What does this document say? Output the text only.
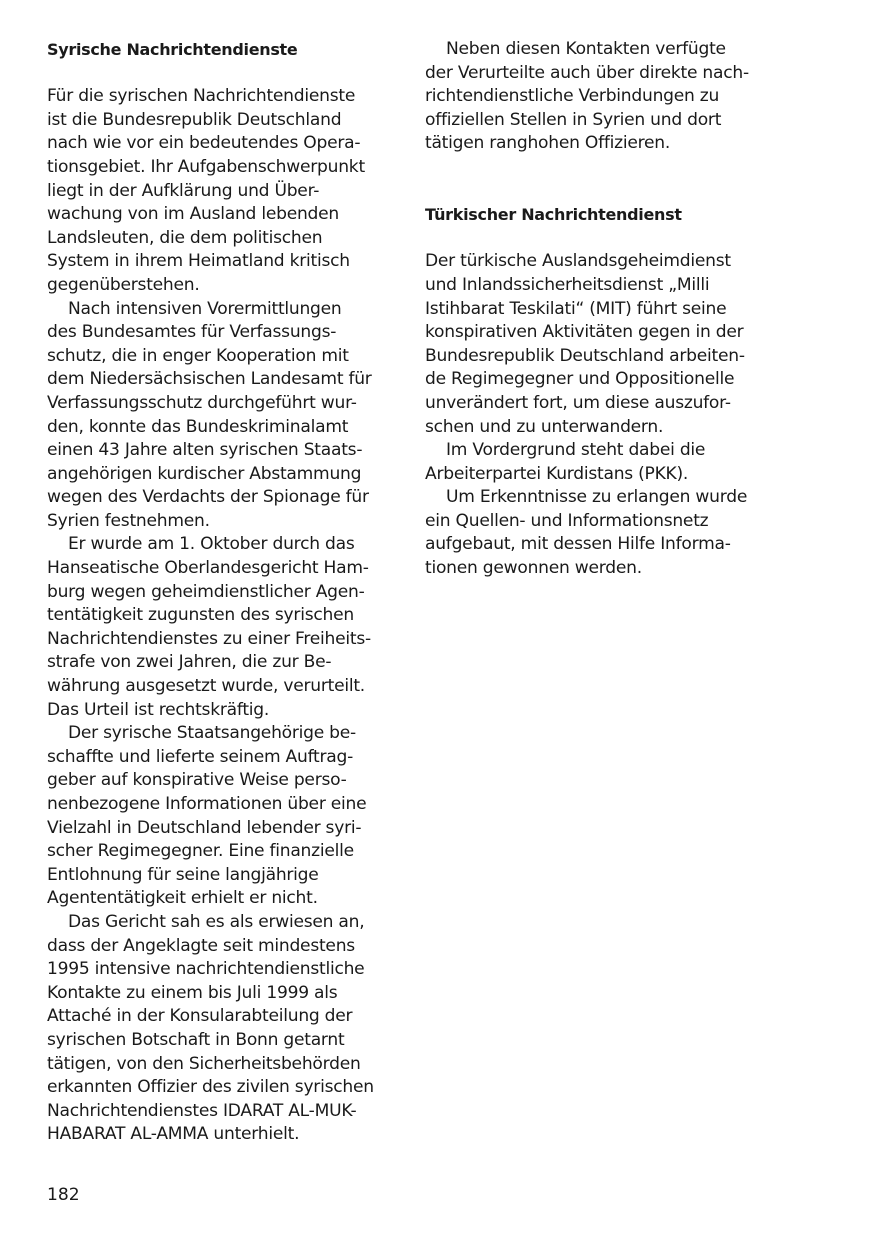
Syrische Nachrichtendienste

Für die syrischen Nachrichtendienste
ist die Bundesrepublik Deutschland
nach wie vor ein bedeutendes Opera-
tionsgebiet. Ihr Aufgabenschwerpunkt
liegt in der Aufklärung und Über-
wachung von im Ausland lebenden
Landsleuten, die dem politischen
System in ihrem Heimatland kritisch
gegenüberstehen.

Nach intensiven Vorermittlungen
des Bundesamtes für Verfassungs-
schutz, die in enger Kooperation mit
dem Niedersächsischen Landesamt für
Verfassungsschutz durchgeführt wur-
den, konnte das Bundeskriminalamt
einen 43 Jahre alten syrischen Staats-
angehörigen kurdischer Abstammung
wegen des Verdachts der Spionage für
Syrien festnehmen.

Er wurde am 1. Oktober durch das
Hanseatische Oberlandesgericht Ham-
burg wegen geheimdienstlicher Agen-
tentätigkeit zugunsten des syrischen
Nachrichtendienstes zu einer Freiheits-
strafe von zwei Jahren, die zur Be-
währung ausgesetzt wurde, verurteilt.
Das Urteil ist rechtskräftig.

Der syrische Staatsangehörige be-
schaffte und lieferte seinem Auftrag-
geber auf konspirative Weise perso-
nenbezogene Informationen über eine
Vielzahl in Deutschland lebender syri-
scher Regimegegner. Eine finanzielle
Entlohnung für seine langjährige
Agententätigkeit erhielt er nicht.

Das Gericht sah es als erwiesen an,
dass der Angeklagte seit mindestens
1995 intensive nachrichtendienstliche
Kontakte zu einem bis Juli 1999 als
Attaché in der Konsularabteilung der
syrischen Botschaft in Bonn getarnt
tätigen, von den Sicherheitsbehörden
erkannten Offizier des zivilen syrischen
Nachrichtendienstes IDARAT AL-MUK-
HABARAT AL-AMMA unterhielt.

Neben diesen Kontakten verfügte
der Verurteilte auch über direkte nach-
richtendienstliche Verbindungen zu
offiziellen Stellen in Syrien und dort
tätigen ranghohen Offizieren.

Türkischer Nachrichtendienst

Der türkische Auslandsgeheimdienst
und Inlandssicherheitsdienst „Milli
Istihbarat Teskilati“ (MIT) führt seine
konspirativen Aktivitäten gegen in der
Bundesrepublik Deutschland arbeiten-
de Regimegegner und Oppositionelle
unverändert fort, um diese auszufor-
schen und zu unterwandern.

Im Vordergrund steht dabei die
Arbeiterpartei Kurdistans (PKK).

Um Erkenntnisse zu erlangen wurde
ein Quellen- und Informationsnetz
aufgebaut, mit dessen Hilfe Informa-
tionen gewonnen werden.

182
